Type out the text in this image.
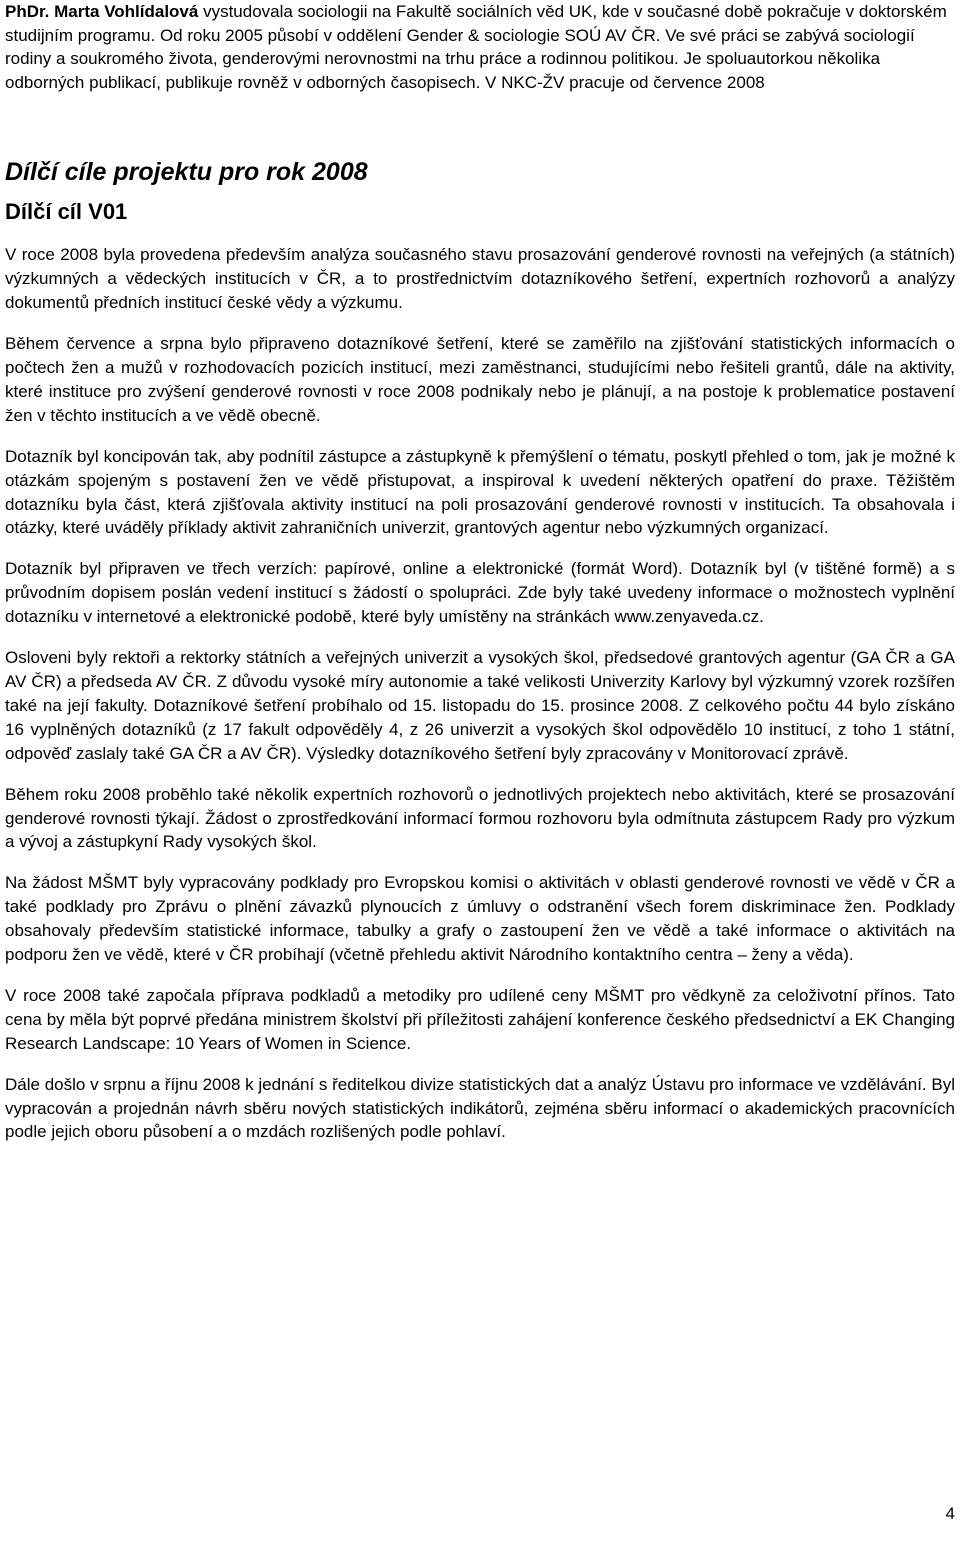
PhDr. Marta Vohlídalová vystudovala sociologii na Fakultě sociálních věd UK, kde v současné době pokračuje v doktorském studijním programu. Od roku 2005 působí v oddělení Gender & sociologie SOÚ AV ČR. Ve své práci se zabývá sociologií rodiny a soukromého života, genderovými nerovnostmi na trhu práce a rodinnou politikou. Je spoluautorkou několika odborných publikací, publikuje rovněž v odborných časopisech. V NKC-ŽV pracuje od července 2008

Dílčí cíle projektu pro rok 2008
Dílčí cíl V01

V roce 2008 byla provedena především analýza současného stavu prosazování genderové rovnosti na veřejných (a státních) výzkumných a vědeckých institucích v ČR, a to prostřednictvím dotazníkového šetření, expertních rozhovorů a analýzy dokumentů předních institucí české vědy a výzkumu.

Během července a srpna bylo připraveno dotazníkové šetření, které se zaměřilo na zjišťování statistických informacích o počtech žen a mužů v rozhodovacích pozicích institucí, mezi zaměstnanci, studujícími nebo řešiteli grantů, dále na aktivity, které instituce pro zvýšení genderové rovnosti v roce 2008 podnikaly nebo je plánují, a na postoje k problematice postavení žen v těchto institucích a ve vědě obecně.

Dotazník byl koncipován tak, aby podnítil zástupce a zástupkyně k přemýšlení o tématu, poskytl přehled o tom, jak je možné k otázkám spojeným s postavení žen ve vědě přistupovat, a inspiroval k uvedení některých opatření do praxe. Těžištěm dotazníku byla část, která zjišťovala aktivity institucí na poli prosazování genderové rovnosti v institucích. Ta obsahovala i otázky, které uváděly příklady aktivit zahraničních univerzit, grantových agentur nebo výzkumných organizací.

Dotazník byl připraven ve třech verzích: papírové, online a elektronické (formát Word). Dotazník byl (v tištěné formě) a s průvodním dopisem poslán vedení institucí s žádostí o spolupráci. Zde byly také uvedeny informace o možnostech vyplnění dotazníku v internetové a elektronické podobě, které byly umístěny na stránkách www.zenyaveda.cz.

Osloveni byly rektoři a rektorky státních a veřejných univerzit a vysokých škol, předsedové grantových agentur (GA ČR a GA AV ČR) a předseda AV ČR. Z důvodu vysoké míry autonomie a také velikosti Univerzity Karlovy byl výzkumný vzorek rozšířen také na její fakulty. Dotazníkové šetření probíhalo od 15. listopadu do 15. prosince 2008. Z celkového počtu 44 bylo získáno 16 vyplněných dotazníků (z 17 fakult odpověděly 4, z 26 univerzit a vysokých škol odpovědělo 10 institucí, z toho 1 státní, odpověď zaslaly také GA ČR a AV ČR). Výsledky dotazníkového šetření byly zpracovány v Monitorovací zprávě.

Během roku 2008 proběhlo také několik expertních rozhovorů o jednotlivých projektech nebo aktivitách, které se prosazování genderové rovnosti týkají. Žádost o zprostředkování informací formou rozhovoru byla odmítnuta zástupcem Rady pro výzkum a vývoj a zástupkyní Rady vysokých škol.

Na žádost MŠMT byly vypracovány podklady pro Evropskou komisi o aktivitách v oblasti genderové rovnosti ve vědě v ČR a také podklady pro Zprávu o plnění závazků plynoucích z úmluvy o odstranění všech forem diskriminace žen. Podklady obsahovaly především statistické informace, tabulky a grafy o zastoupení žen ve vědě a také informace o aktivitách na podporu žen ve vědě, které v ČR probíhají (včetně přehledu aktivit Národního kontaktního centra – ženy a věda).

V roce 2008 také započala příprava podkladů a metodiky pro udílené ceny MŠMT pro vědkyně za celoživotní přínos. Tato cena by měla být poprvé předána ministrem školství při příležitosti zahájení konference českého předsednictví a EK Changing Research Landscape: 10 Years of Women in Science.

Dále došlo v srpnu a říjnu 2008 k jednání s ředitelkou divize statistických dat a analýz Ústavu pro informace ve vzdělávání. Byl vypracován a projednán návrh sběru nových statistických indikátorů, zejména sběru informací o akademických pracovnících podle jejich oboru působení a o mzdách rozlišených podle pohlaví.

4
